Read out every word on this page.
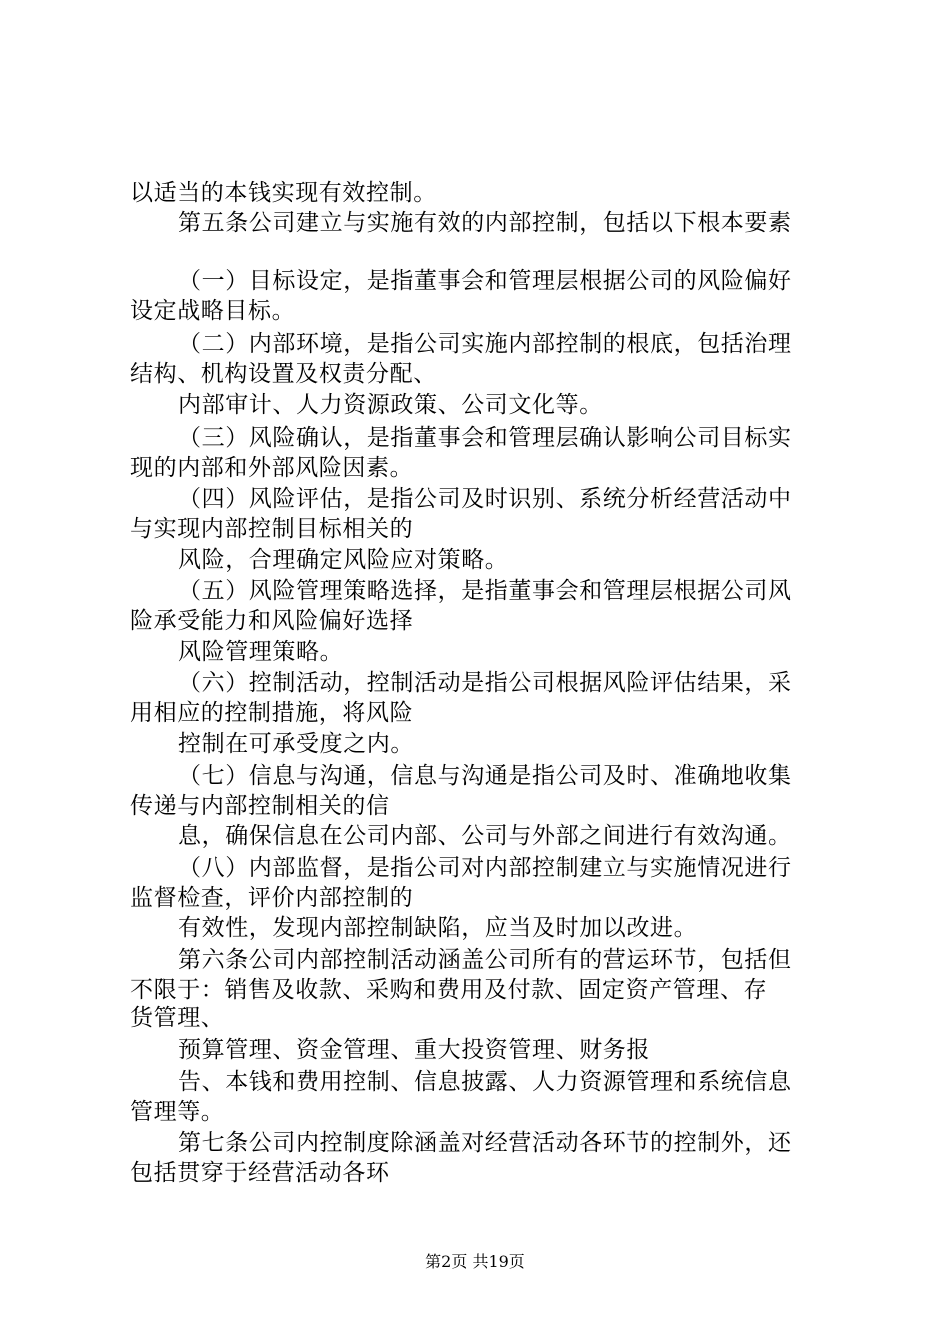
以适当的本钱实现有效控制。
第五条公司建立与实施有效的内部控制，包括以下根本要素
（一）目标设定，是指董事会和管理层根据公司的风险偏好
设定战略目标。
（二）内部环境，是指公司实施内部控制的根底，包括治理
结构、机构设置及权责分配、
内部审计、人力资源政策、公司文化等。
（三）风险确认，是指董事会和管理层确认影响公司目标实
现的内部和外部风险因素。
（四）风险评估，是指公司及时识别、系统分析经营活动中
与实现内部控制目标相关的
风险，合理确定风险应对策略。
（五）风险管理策略选择，是指董事会和管理层根据公司风
险承受能力和风险偏好选择
风险管理策略。
（六）控制活动，控制活动是指公司根据风险评估结果，采
用相应的控制措施，将风险
控制在可承受度之内。
（七）信息与沟通，信息与沟通是指公司及时、准确地收集
传递与内部控制相关的信
息，确保信息在公司内部、公司与外部之间进行有效沟通。
（八）内部监督，是指公司对内部控制建立与实施情况进行
监督检查，评价内部控制的
有效性，发现内部控制缺陷，应当及时加以改进。
第六条公司内部控制活动涵盖公司所有的营运环节，包括但
不限于：销售及收款、采购和费用及付款、固定资产管理、存
货管理、
预算管理、资金管理、重大投资管理、财务报
告、本钱和费用控制、信息披露、人力资源管理和系统信息
管理等。
第七条公司内控制度除涵盖对经营活动各环节的控制外，还
包括贯穿于经营活动各环
第2页 共19页
